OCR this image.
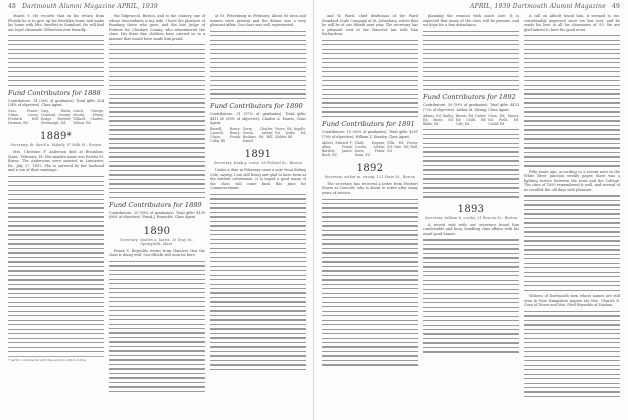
48 Dartmouth Alumni Magazine APRIL, 1939

March 9. He records that on his return from Florida he is to give up his Brooklyn home and make his home with Mrs. Bartlett in Stamford. He will find our loyal classmate Gilbertson ever friendly.

Fund Contributors for 1888
Contributors: 14 (36% of graduates). Total gifts: $24 (34% of objective). Class Agent.
Cass, Frazer; Chase, Lewis; Fredrick Hill; Herman, Ed.
Cary, Rufus; Cranford, George; Dodge, Herbert; Greenough, Ed.
Leach, George; Moody, Henry; Willard, Charles; Wilson, Ed.
1889*
Secretary, dr. david n. blakely, 87 Milk St., Boston

Mrs. Christine F. Anderson died at Brookline, Mass., February 18. Her maiden name was Bertha M. Burns. The Andersons were married in Lancaster, Pa., July 27, 1892. She is survived by her husband and a son of their marriage.

* partly coincidental with the sections which follow.

the Edgewood, Boston, and to the country, one of whose descendants is my wife. I have the pleasure of thanking those who gave, and the late Judge of Probate for Cheshire County, who remembered the class. His three fine children have carried on in a manner that would have made him proud.

Fund Contributors for 1889
Contributors: 23 (59% of graduates). Total gifts: $139 (66% of objective). Frank J. Reynolds, Class Agent.
1890
Secretary, charles a. harris, 35 Gray St., Springfield, Mass.

Frank S. Reynolds writes from Hanover that the class is doing well. Our fiftieth will soon be here.

at St. Petersburg in February. About 80 men and women were present and the dinner was a very pleasant affair. Our class was well represented.

Fund Contributors for 1890
Contributors: 31 (57% of graduates). Total gifts: $411.50 (69% of objective). Charles A. Harris, Class Agent.
Burrell, Henry; Caswell, Henry; Chase, Frank; Colby, Eli
Gerry, Charles; Green, Arthur; Haskins, Ed; Hill, Daniel
Howe, Ed; Ingalls, Ed; Jenks, Ed; Kidder, Ed
1891
Secretary, frank g. rouse, 60 Federal St., Boston

Under a date in February came a note from Sidney Cole, saying, I am still living and glad to have been at the sixtieth celebration. It is hoped a good many of the class will come back this June for Commencement.

APRIL, 1939 Dartmouth Alumni Magazine 49

and W. Ward, chief draftsman of the Ward Standard Scale Company at St. Johnsbury, writes that he will be at our fiftieth next year. The secretary has a pleasant visit at the Hanover Inn with Dan Richardson.

Fund Contributors for 1891
Contributors: 19 (50% of graduates). Total gifts: $291 (79% of objective). William Z. Stanley, Class Agent.
Abbott, Edward F; Allen, Frank; Bartlett, James; Buck, Ed
Clark, Eugene; Cowles, Arthur; Davis, Frank; Dunn, Ed
Ellis, Ed; Foster, Ed; Gale, Ed; Hall, Ed
1892
Secretary, arthur m. strong, 131 State St., Boston

The secretary has received a letter from Herbert Storrs at Concord, who is about to retire after many years of service.

planning the reunion with much care. It is expected that many of the class will be present, and we hope for a fine attendance.

Fund Contributors for 1892
Contributors: 30 (59% of graduates). Total gifts: $433 (72% of objective). Arthur M. Strong, Class Agent.
Adams, Ed; Bailey, Ed; Bates, Ed; Blake, Ed
Brown, Ed; Carter, Ed; Child, Ed; Cole, Ed
Dean, Ed; Emery, Ed; Field, Ed; Gould, Ed
1893
Secretary, william h. crosby, 31 Beacon St., Boston

A recent visit with our secretary found him comfortable and busy, handling class affairs with his usual good humor.

A call on Abbott found him, it seemed to me, considerably improved since we last met, and he sends his best to all his classmates of '93. We are glad indeed to have his good news.

Fifty years ago, according to a recent note in the White River Junction weekly paper, there was a lighting service between the town and the College. The class of 1893 remembered it well, and several of us recalled the old days with pleasure.

Widows of Dartmouth men whose names are still seen in New Hampshire papers are Mrs. Charles E. Gove of Dover and Mrs. Fred Reynolds of Nashua.
